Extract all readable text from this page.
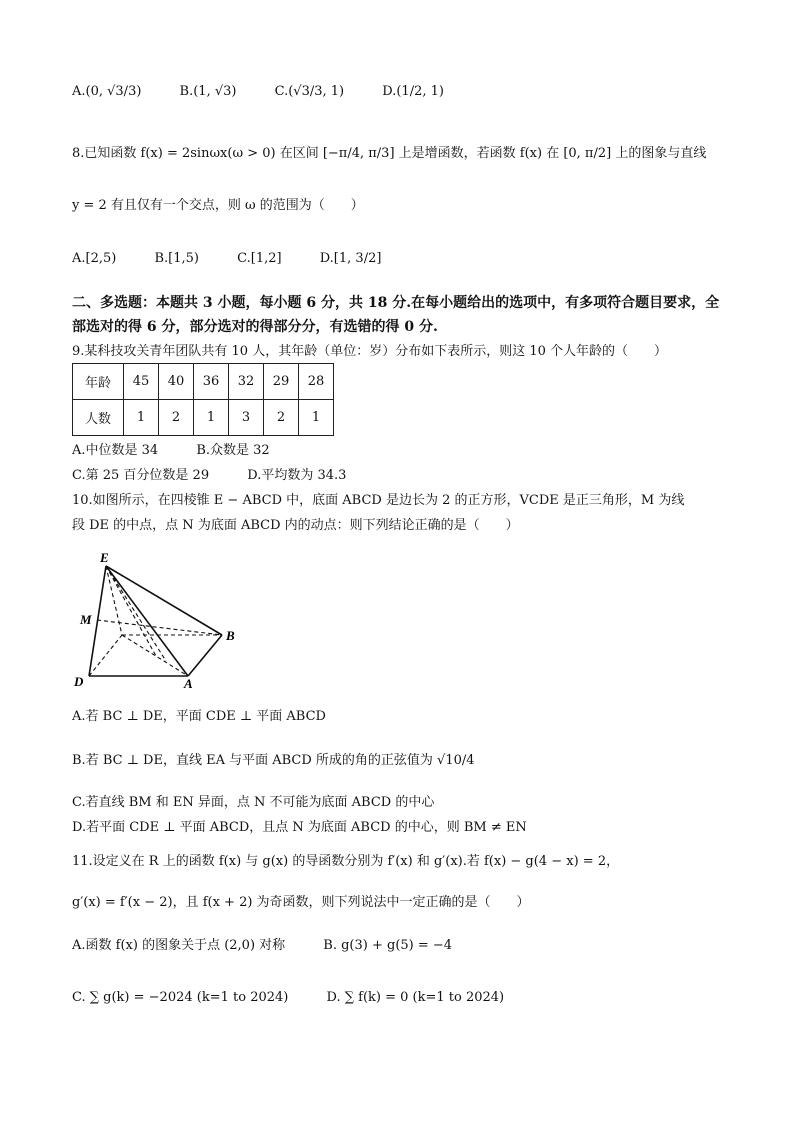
A.(0, √3/3)	B.(1, √3)	C.(√3/3, 1)	D.(1/2, 1)
8.已知函数 f(x) = 2sinωx(ω > 0) 在区间 [−π/4, π/3] 上是增函数，若函数 f(x) 在 [0, π/2] 上的图象与直线
y = 2 有且仅有一个交点，则 ω 的范围为（　　）
A.[2,5)	B.[1,5)	C.[1,2]	D.[1, 3/2]
二、多选题：本题共 3 小题，每小题 6 分，共 18 分.在每小题给出的选项中，有多项符合题目要求，全部选对的得 6 分，部分选对的得部分分，有选错的得 0 分.
9.某科技攻关青年团队共有 10 人，其年龄（单位：岁）分布如下表所示，则这 10 个人年龄的（　　）
年龄	45	40	36	32	29	28
人数	1	2	1	3	2	1
A.中位数是 34	B.众数是 32
C.第 25 百分位数是 29	D.平均数为 34.3
10.如图所示，在四棱锥 E − ABCD 中，底面 ABCD 是边长为 2 的正方形，VCDE 是正三角形，M 为线
段 DE 的中点，点 N 为底面 ABCD 内的动点：则下列结论正确的是（　　）
E
M
B
D	A
A.若 BC ⊥ DE，平面 CDE ⊥ 平面 ABCD
B.若 BC ⊥ DE，直线 EA 与平面 ABCD 所成的角的正弦值为 √10/4
C.若直线 BM 和 EN 异面，点 N 不可能为底面 ABCD 的中心
D.若平面 CDE ⊥ 平面 ABCD，且点 N 为底面 ABCD 的中心，则 BM ≠ EN
11.设定义在 R 上的函数 f(x) 与 g(x) 的导函数分别为 f′(x) 和 g′(x).若 f(x) − g(4 − x) = 2，
g′(x) = f′(x − 2)，且 f(x + 2) 为奇函数，则下列说法中一定正确的是（　　）
A.函数 f(x) 的图象关于点 (2,0) 对称	B. g(3) + g(5) = −4
C. ∑ g(k) = −2024 (k=1 to 2024)	D. ∑ f(k) = 0 (k=1 to 2024)
